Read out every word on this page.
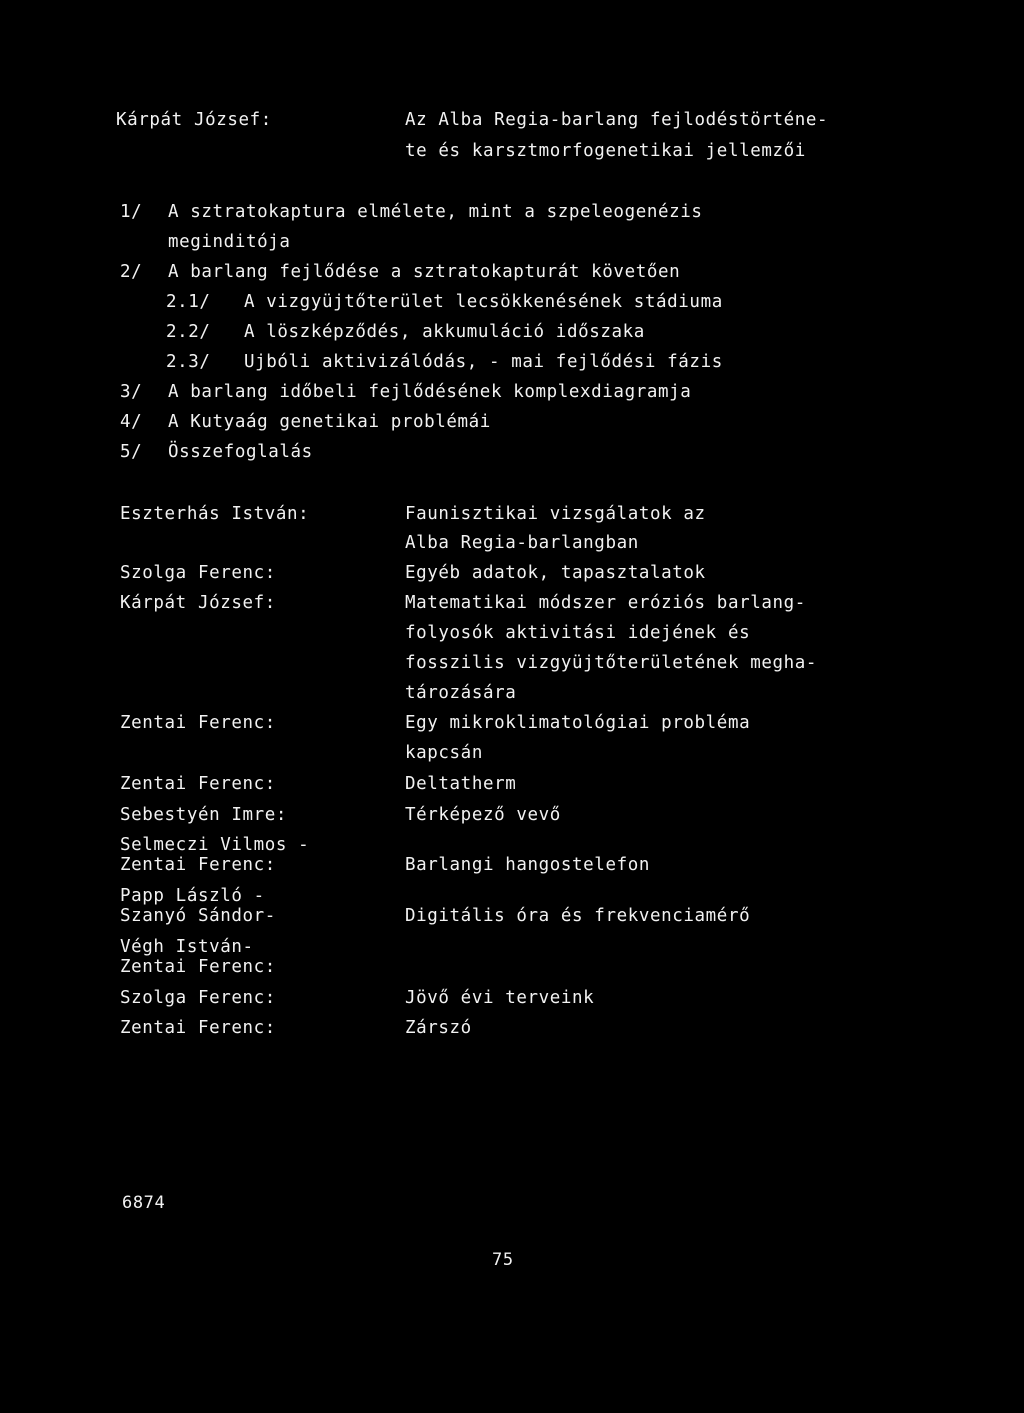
Kárpát József:	Az Alba Regia-barlang fejlodéstörténe-
te és karsztmorfogenetikai jellemzői
1/ A sztratokaptura elmélete, mint a szpeleogenézis
meginditója
2/ A barlang fejlődése a sztratokapturát követően
2.1/ A vizgyüjtőterület lecsökkenésének stádiuma
2.2/ A löszképződés, akkumuláció időszaka
2.3/ Ujbóli aktivizálódás, - mai fejlődési fázis
3/ A barlang időbeli fejlődésének komplexdiagramja
4/ A Kutyaág genetikai problémái
5/ Összefoglalás
Eszterhás István:	Faunisztikai vizsgálatok az
Alba Regia-barlangban
Szolga Ferenc:	Egyéb adatok, tapasztalatok
Kárpát József:	Matematikai módszer eróziós barlang-
folyosók aktivitási idejének és
fosszilis vizgyüjtőterületének megha-
tározására
Zentai Ferenc:	Egy mikroklimatológiai probléma
kapcsán
Zentai Ferenc:	Deltatherm
Sebestyén Imre:	Térképező vevő
Selmeczi Vilmos -
Zentai Ferenc:	Barlangi hangostelefon
Papp László -
Szanyó Sándor-	Digitális óra és frekvenciamérő
Végh István-
Zentai Ferenc:
Szolga Ferenc:	Jövő évi terveink
Zentai Ferenc:	Zárszó
6874
75
